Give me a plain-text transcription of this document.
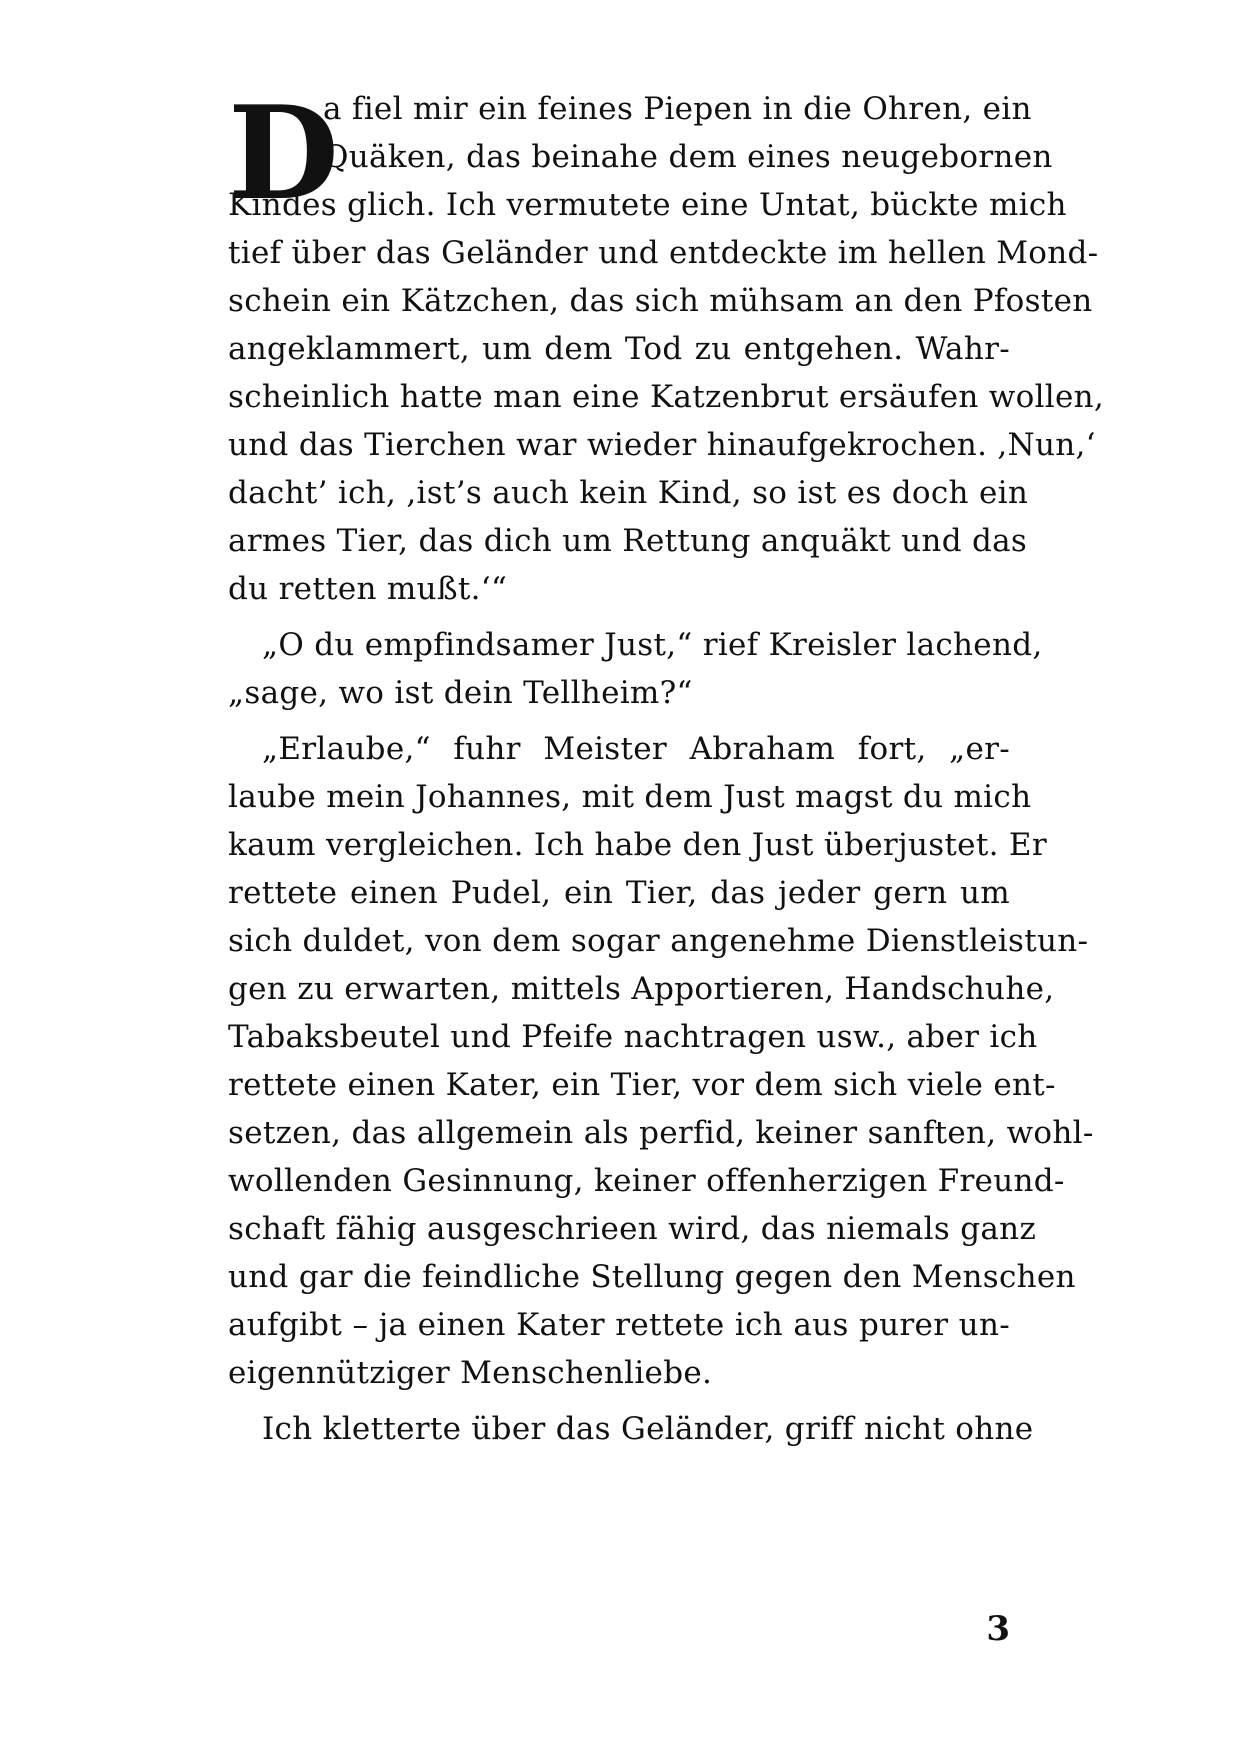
D
a fiel mir ein feines Piepen in die Ohren, ein
Quäken, das beinahe dem eines neugebornen
Kindes glich. Ich vermutete eine Untat, bückte mich
tief über das Geländer und entdeckte im hellen Mond-
schein ein Kätzchen, das sich mühsam an den Pfosten
angeklammert, um dem Tod zu entgehen. Wahr-
scheinlich hatte man eine Katzenbrut ersäufen wollen,
und das Tierchen war wieder hinaufgekrochen. ,Nun,‘
dacht’ ich, ,ist’s auch kein Kind, so ist es doch ein
armes Tier, das dich um Rettung anquäkt und das
du retten mußt.‘“
„O du empfindsamer Just,“ rief Kreisler lachend,
„sage, wo ist dein Tellheim?“
„Erlaube,“ fuhr Meister Abraham fort, „er-
laube mein Johannes, mit dem Just magst du mich
kaum vergleichen. Ich habe den Just überjustet. Er
rettete einen Pudel, ein Tier, das jeder gern um
sich duldet, von dem sogar angenehme Dienstleistun-
gen zu erwarten, mittels Apportieren, Handschuhe,
Tabaksbeutel und Pfeife nachtragen usw., aber ich
rettete einen Kater, ein Tier, vor dem sich viele ent-
setzen, das allgemein als perfid, keiner sanften, wohl-
wollenden Gesinnung, keiner offenherzigen Freund-
schaft fähig ausgeschrieen wird, das niemals ganz
und gar die feindliche Stellung gegen den Menschen
aufgibt – ja einen Kater rettete ich aus purer un-
eigennütziger Menschenliebe.
Ich kletterte über das Geländer, griff nicht ohne
3
